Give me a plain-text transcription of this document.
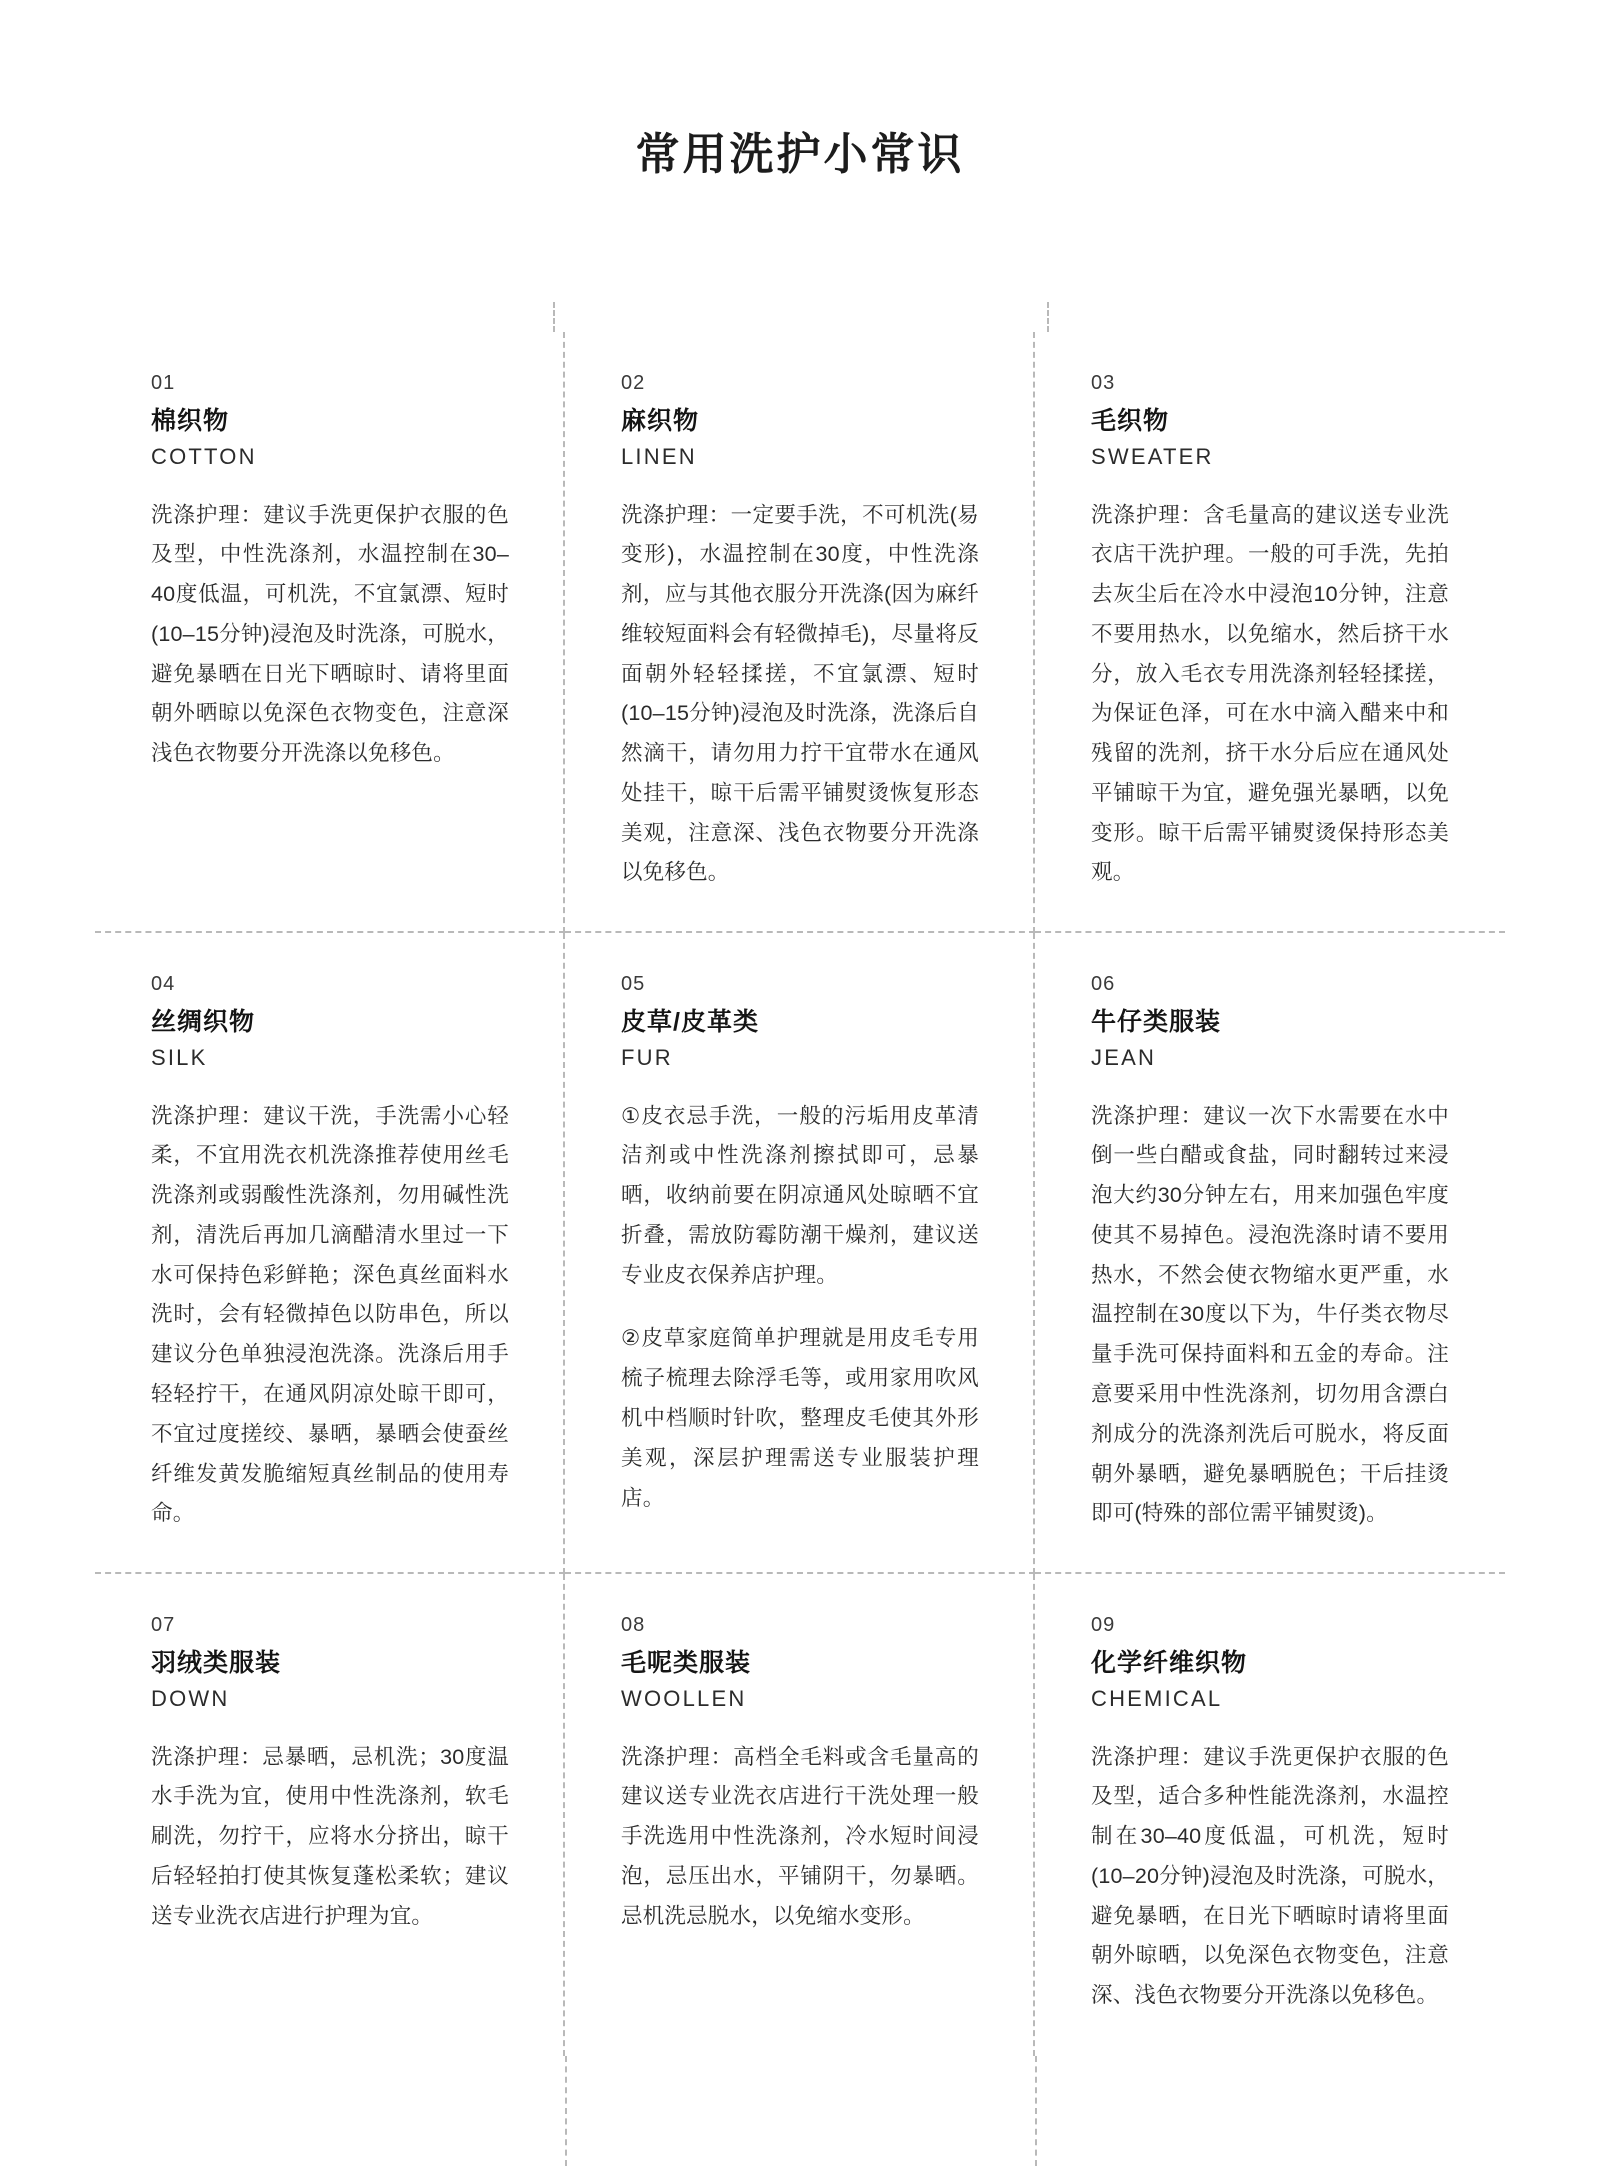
常用洗护小常识
01
棉织物
COTTON
洗涤护理：建议手洗更保护衣服的色及型，中性洗涤剂，水温控制在30–40度低温，可机洗，不宜氯漂、短时(10–15分钟)浸泡及时洗涤，可脱水，避免暴晒在日光下晒晾时、请将里面朝外晒晾以免深色衣物变色，注意深浅色衣物要分开洗涤以免移色。
02
麻织物
LINEN
洗涤护理：一定要手洗，不可机洗(易变形)，水温控制在30度，中性洗涤剂，应与其他衣服分开洗涤(因为麻纤维较短面料会有轻微掉毛)，尽量将反面朝外轻轻揉搓，不宜氯漂、短时(10–15分钟)浸泡及时洗涤，洗涤后自然滴干，请勿用力拧干宜带水在通风处挂干，晾干后需平铺熨烫恢复形态美观，注意深、浅色衣物要分开洗涤以免移色。
03
毛织物
SWEATER
洗涤护理：含毛量高的建议送专业洗衣店干洗护理。一般的可手洗，先拍去灰尘后在冷水中浸泡10分钟，注意不要用热水，以免缩水，然后挤干水分，放入毛衣专用洗涤剂轻轻揉搓，为保证色泽，可在水中滴入醋来中和残留的洗剂，挤干水分后应在通风处平铺晾干为宜，避免强光暴晒，以免变形。晾干后需平铺熨烫保持形态美观。
04
丝绸织物
SILK
洗涤护理：建议干洗，手洗需小心轻柔，不宜用洗衣机洗涤推荐使用丝毛洗涤剂或弱酸性洗涤剂，勿用碱性洗剂，清洗后再加几滴醋清水里过一下水可保持色彩鲜艳；深色真丝面料水洗时，会有轻微掉色以防串色，所以建议分色单独浸泡洗涤。洗涤后用手轻轻拧干，在通风阴凉处晾干即可，不宜过度搓绞、暴晒，暴晒会使蚕丝纤维发黄发脆缩短真丝制品的使用寿命。
05
皮草/皮革类
FUR
①皮衣忌手洗，一般的污垢用皮革清洁剂或中性洗涤剂擦拭即可，忌暴晒，收纳前要在阴凉通风处晾晒不宜折叠，需放防霉防潮干燥剂，建议送专业皮衣保养店护理。
②皮草家庭简单护理就是用皮毛专用梳子梳理去除浮毛等，或用家用吹风机中档顺时针吹，整理皮毛使其外形美观，深层护理需送专业服装护理店。
06
牛仔类服装
JEAN
洗涤护理：建议一次下水需要在水中倒一些白醋或食盐，同时翻转过来浸泡大约30分钟左右，用来加强色牢度使其不易掉色。浸泡洗涤时请不要用热水，不然会使衣物缩水更严重，水温控制在30度以下为，牛仔类衣物尽量手洗可保持面料和五金的寿命。注意要采用中性洗涤剂，切勿用含漂白剂成分的洗涤剂洗后可脱水，将反面朝外暴晒，避免暴晒脱色；干后挂烫即可(特殊的部位需平铺熨烫)。
07
羽绒类服装
DOWN
洗涤护理：忌暴晒，忌机洗；30度温水手洗为宜，使用中性洗涤剂，软毛刷洗，勿拧干，应将水分挤出，晾干后轻轻拍打使其恢复蓬松柔软；建议送专业洗衣店进行护理为宜。
08
毛呢类服装
WOOLLEN
洗涤护理：高档全毛料或含毛量高的建议送专业洗衣店进行干洗处理一般手洗选用中性洗涤剂，冷水短时间浸泡，忌压出水，平铺阴干，勿暴晒。忌机洗忌脱水，以免缩水变形。
09
化学纤维织物
CHEMICAL
洗涤护理：建议手洗更保护衣服的色及型，适合多种性能洗涤剂，水温控制在30–40度低温，可机洗，短时(10–20分钟)浸泡及时洗涤，可脱水，避免暴晒，在日光下晒晾时请将里面朝外晾晒，以免深色衣物变色，注意深、浅色衣物要分开洗涤以免移色。
